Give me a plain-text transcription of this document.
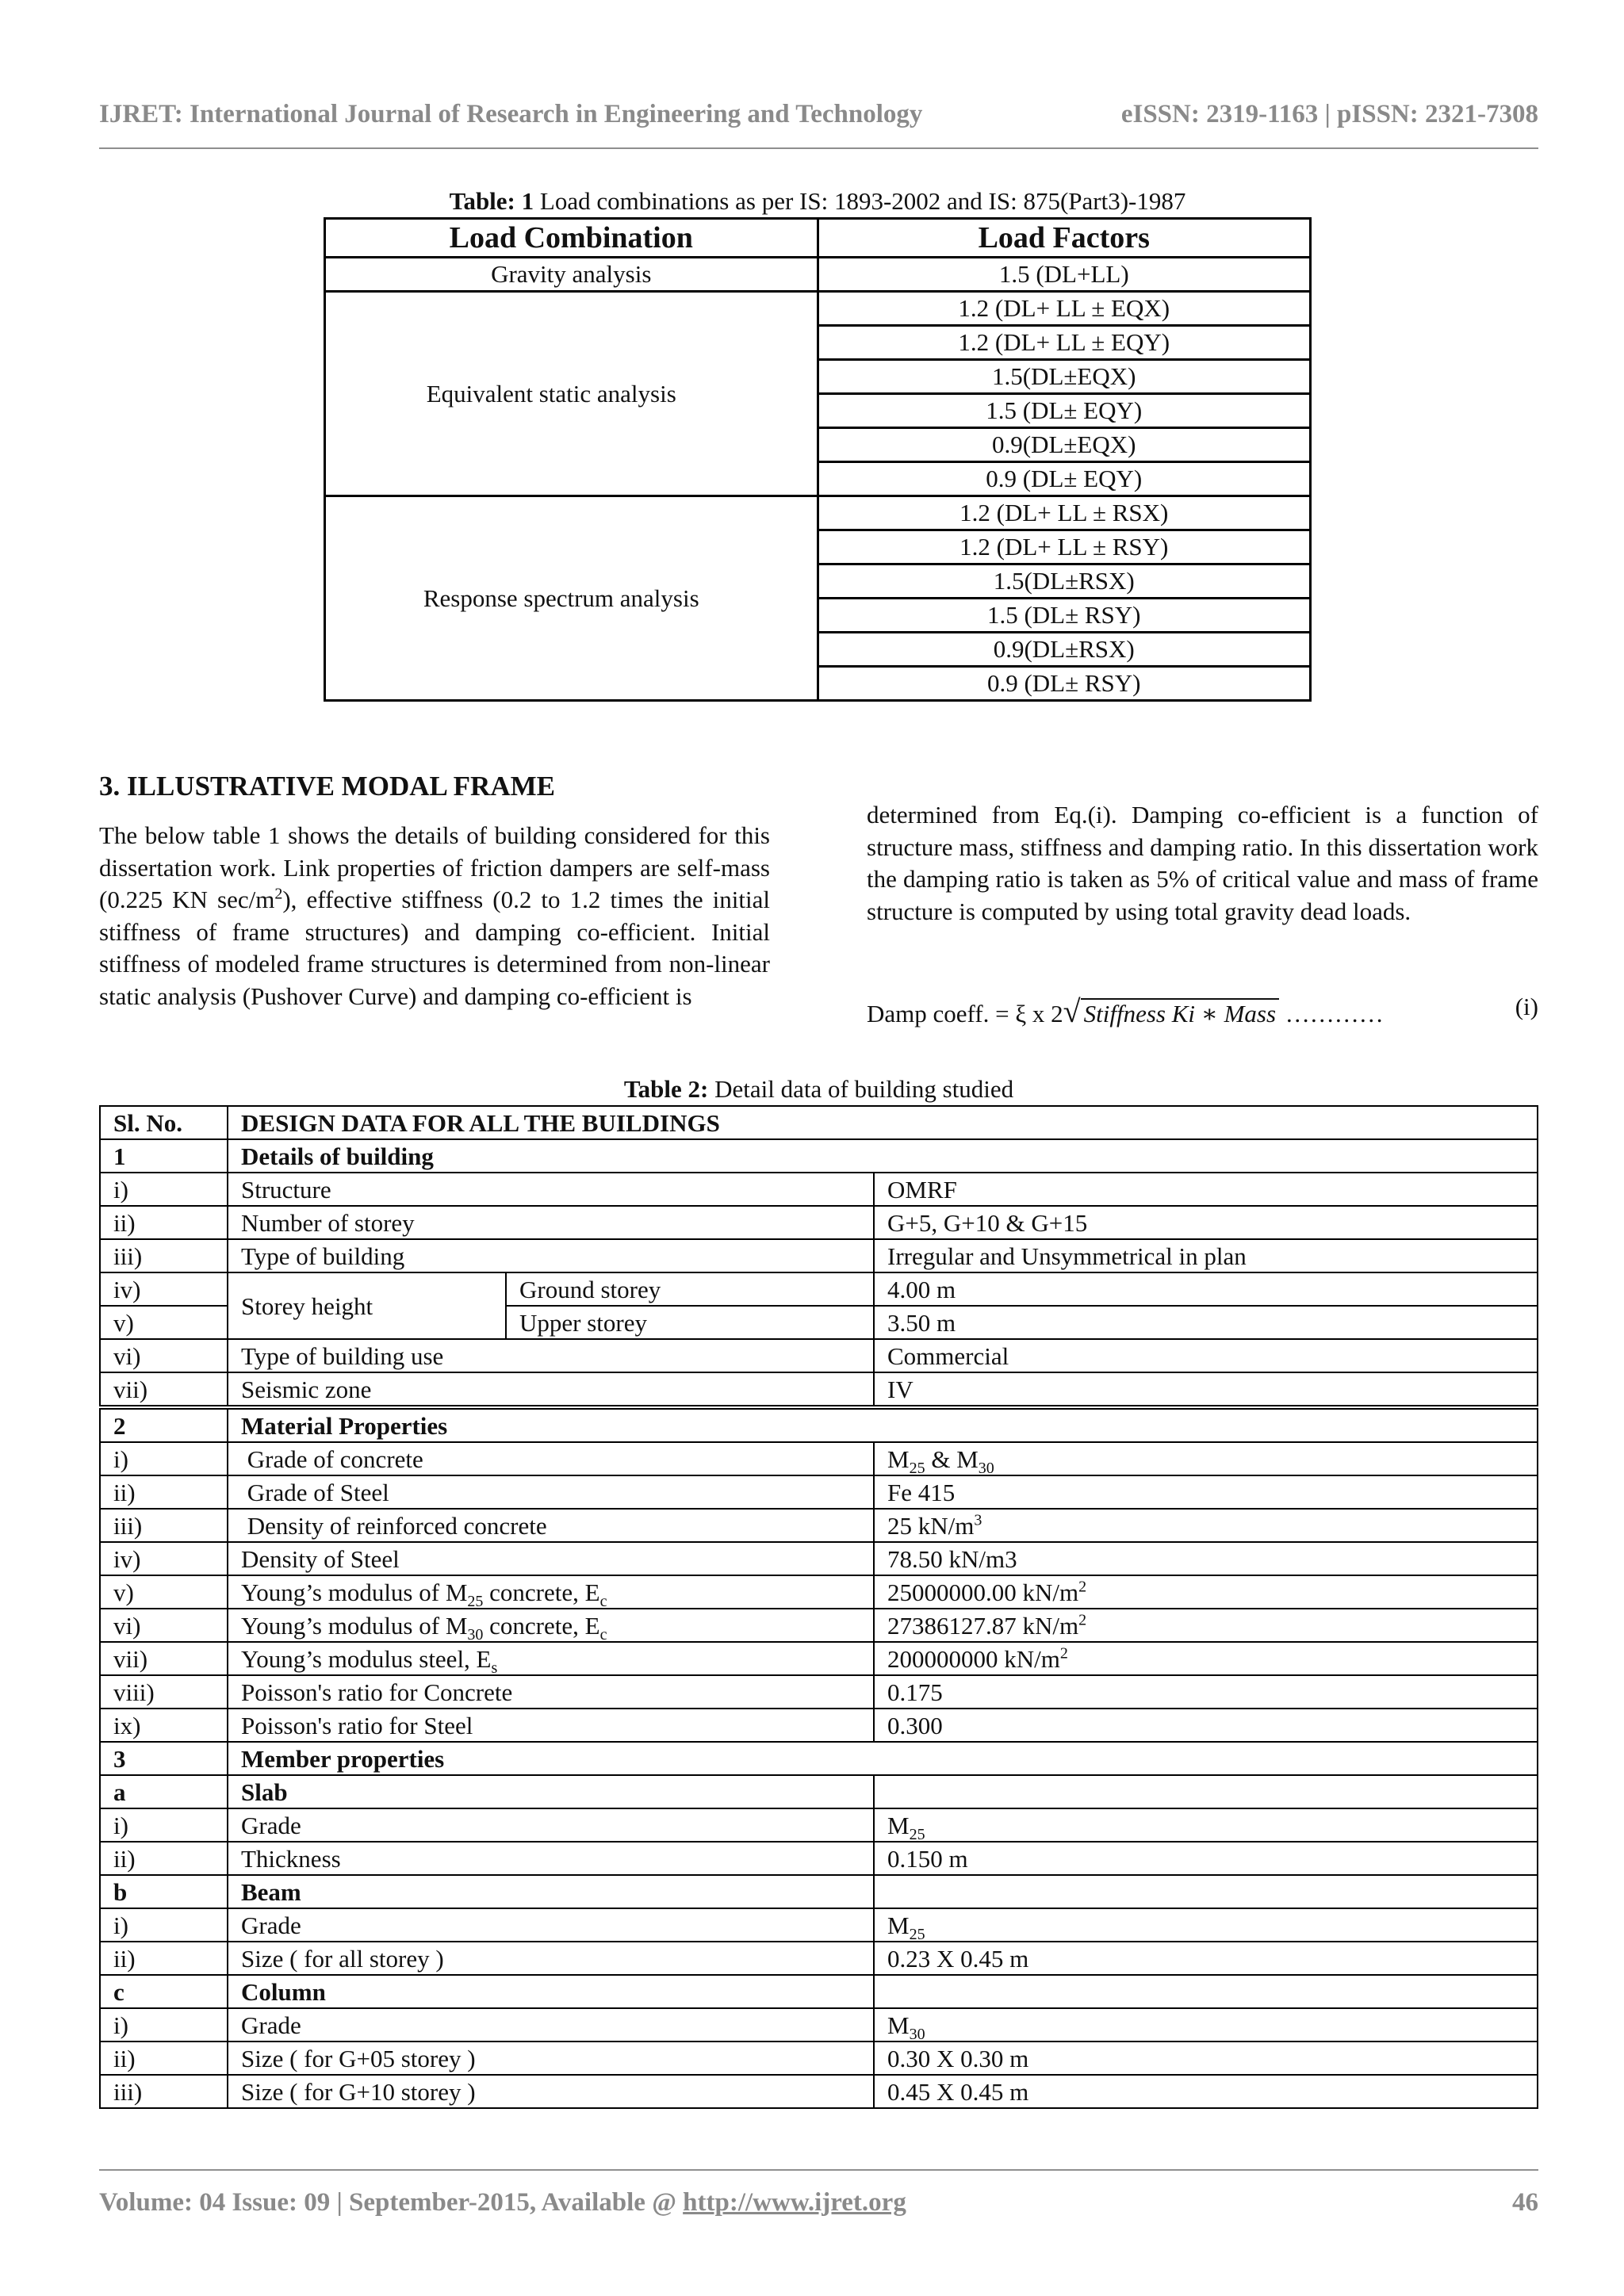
IJRET: International Journal of Research in Engineering and Technology	eISSN: 2319-1163 | pISSN: 2321-7308
Table: 1 Load combinations as per IS: 1893-2002 and IS: 875(Part3)-1987
Load Combination	Load Factors
Gravity analysis	1.5 (DL+LL)
Equivalent static analysis	1.2 (DL+ LL ± EQX)
	1.2 (DL+ LL ± EQY)
	1.5(DL±EQX)
	1.5 (DL± EQY)
	0.9(DL±EQX)
	0.9 (DL± EQY)
Response spectrum analysis	1.2 (DL+ LL ± RSX)
	1.2 (DL+ LL ± RSY)
	1.5(DL±RSX)
	1.5 (DL± RSY)
	0.9(DL±RSX)
	0.9 (DL± RSY)
3. ILLUSTRATIVE MODAL FRAME
The below table 1 shows the details of building considered for this dissertation work. Link properties of friction dampers are self-mass (0.225 KN $\sec/m^2$), effective stiffness (0.2 to 1.2 times the initial stiffness of frame structures) and damping co-efficient. Initial stiffness of modeled frame structures is determined from non-linear static analysis (Pushover Curve) and damping co-efficient is
determined from Eq.(i). Damping co-efficient is a function of structure mass, stiffness and damping ratio. In this dissertation work the damping ratio is taken as 5% of critical value and mass of frame structure is computed by using total gravity dead loads.
Damp coeff. = ξ x 2√ Stiffness Ki ∗ Mass …………	(i)
Table 2: Detail data of building studied
Sl. No.	DESIGN DATA FOR ALL THE BUILDINGS		
1	Details of building		
i)	Structure		OMRF
ii)	Number of storey		G+5, G+10 & G+15
iii)	Type of building		Irregular and Unsymmetrical in plan
iv)	Storey height	Ground storey	4.00 m
v)		Upper storey	3.50 m
vi)	Type of building use		Commercial
vii)	Seismic zone		IV
2	Material Properties		
i)	Grade of concrete		$M_{25}$ & $M_{30}$
ii)	Grade of Steel		Fe 415
iii)	Density of reinforced concrete		25 $kN/m^3$
iv)	Density of Steel		78.50 kN/m3
v)	Young’s modulus of $M_{25}$ concrete, $E_c$		25000000.00 $kN/m^2$
vi)	Young’s modulus of $M_{30}$ concrete, $E_c$		27386127.87 $kN/m^2$
vii)	Young’s modulus steel, $E_s$		200000000 $kN/m^2$
viii)	Poisson's ratio for Concrete		0.175
ix)	Poisson's ratio for Steel		0.300
3	Member properties		
a	Slab		
i)	Grade		$M_{25}$
ii)	Thickness		0.150 m
b	Beam		
i)	Grade		$M_{25}$
ii)	Size ( for all storey )		0.23 X 0.45 m
c	Column		
i)	Grade		$M_{30}$
ii)	Size ( for G+05 storey )		0.30 X 0.30 m
iii)	Size ( for G+10 storey )		0.45 X 0.45 m
Volume: 04 Issue: 09 | September-2015, Available @ http://www.ijret.org	46
